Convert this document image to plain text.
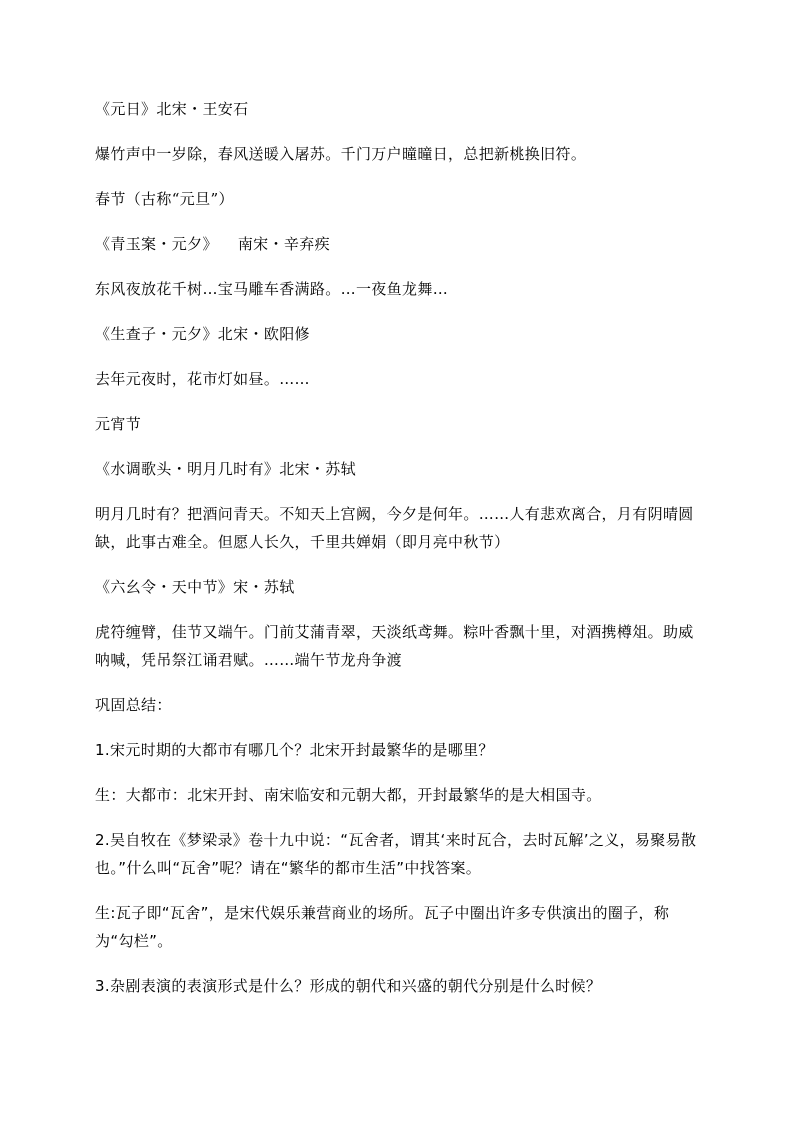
《元日》北宋・王安石

爆竹声中一岁除，春风送暖入屠苏。千门万户曈曈日，总把新桃换旧符。

春节（古称“元旦”）

《青玉案・元夕》 南宋・辛弃疾

东风夜放花千树…宝马雕车香满路。…一夜鱼龙舞…

《生查子・元夕》北宋・欧阳修

去年元夜时，花市灯如昼。……

元宵节

《水调歌头・明月几时有》北宋・苏轼

明月几时有？把酒问青天。不知天上宫阙，今夕是何年。……人有悲欢离合，月有阴晴圆缺，此事古难全。但愿人长久，千里共婵娟（即月亮中秋节）

《六幺令・天中节》宋・苏轼

虎符缠臂，佳节又端午。门前艾蒲青翠，天淡纸鸢舞。粽叶香飘十里，对酒携樽俎。助威呐喊，凭吊祭江诵君赋。……端午节龙舟争渡

巩固总结：

1.宋元时期的大都市有哪几个？北宋开封最繁华的是哪里？

生：大都市：北宋开封、南宋临安和元朝大都，开封最繁华的是大相国寺。

2.吴自牧在《梦梁录》卷十九中说：“瓦舍者，谓其‘来时瓦合，去时瓦解’之义，易聚易散也。”什么叫“瓦舍”呢？请在“繁华的都市生活”中找答案。

生:瓦子即“瓦舍”，是宋代娱乐兼营商业的场所。瓦子中圈出许多专供演出的圈子，称为“勾栏”。

3.杂剧表演的表演形式是什么？形成的朝代和兴盛的朝代分别是什么时候？
